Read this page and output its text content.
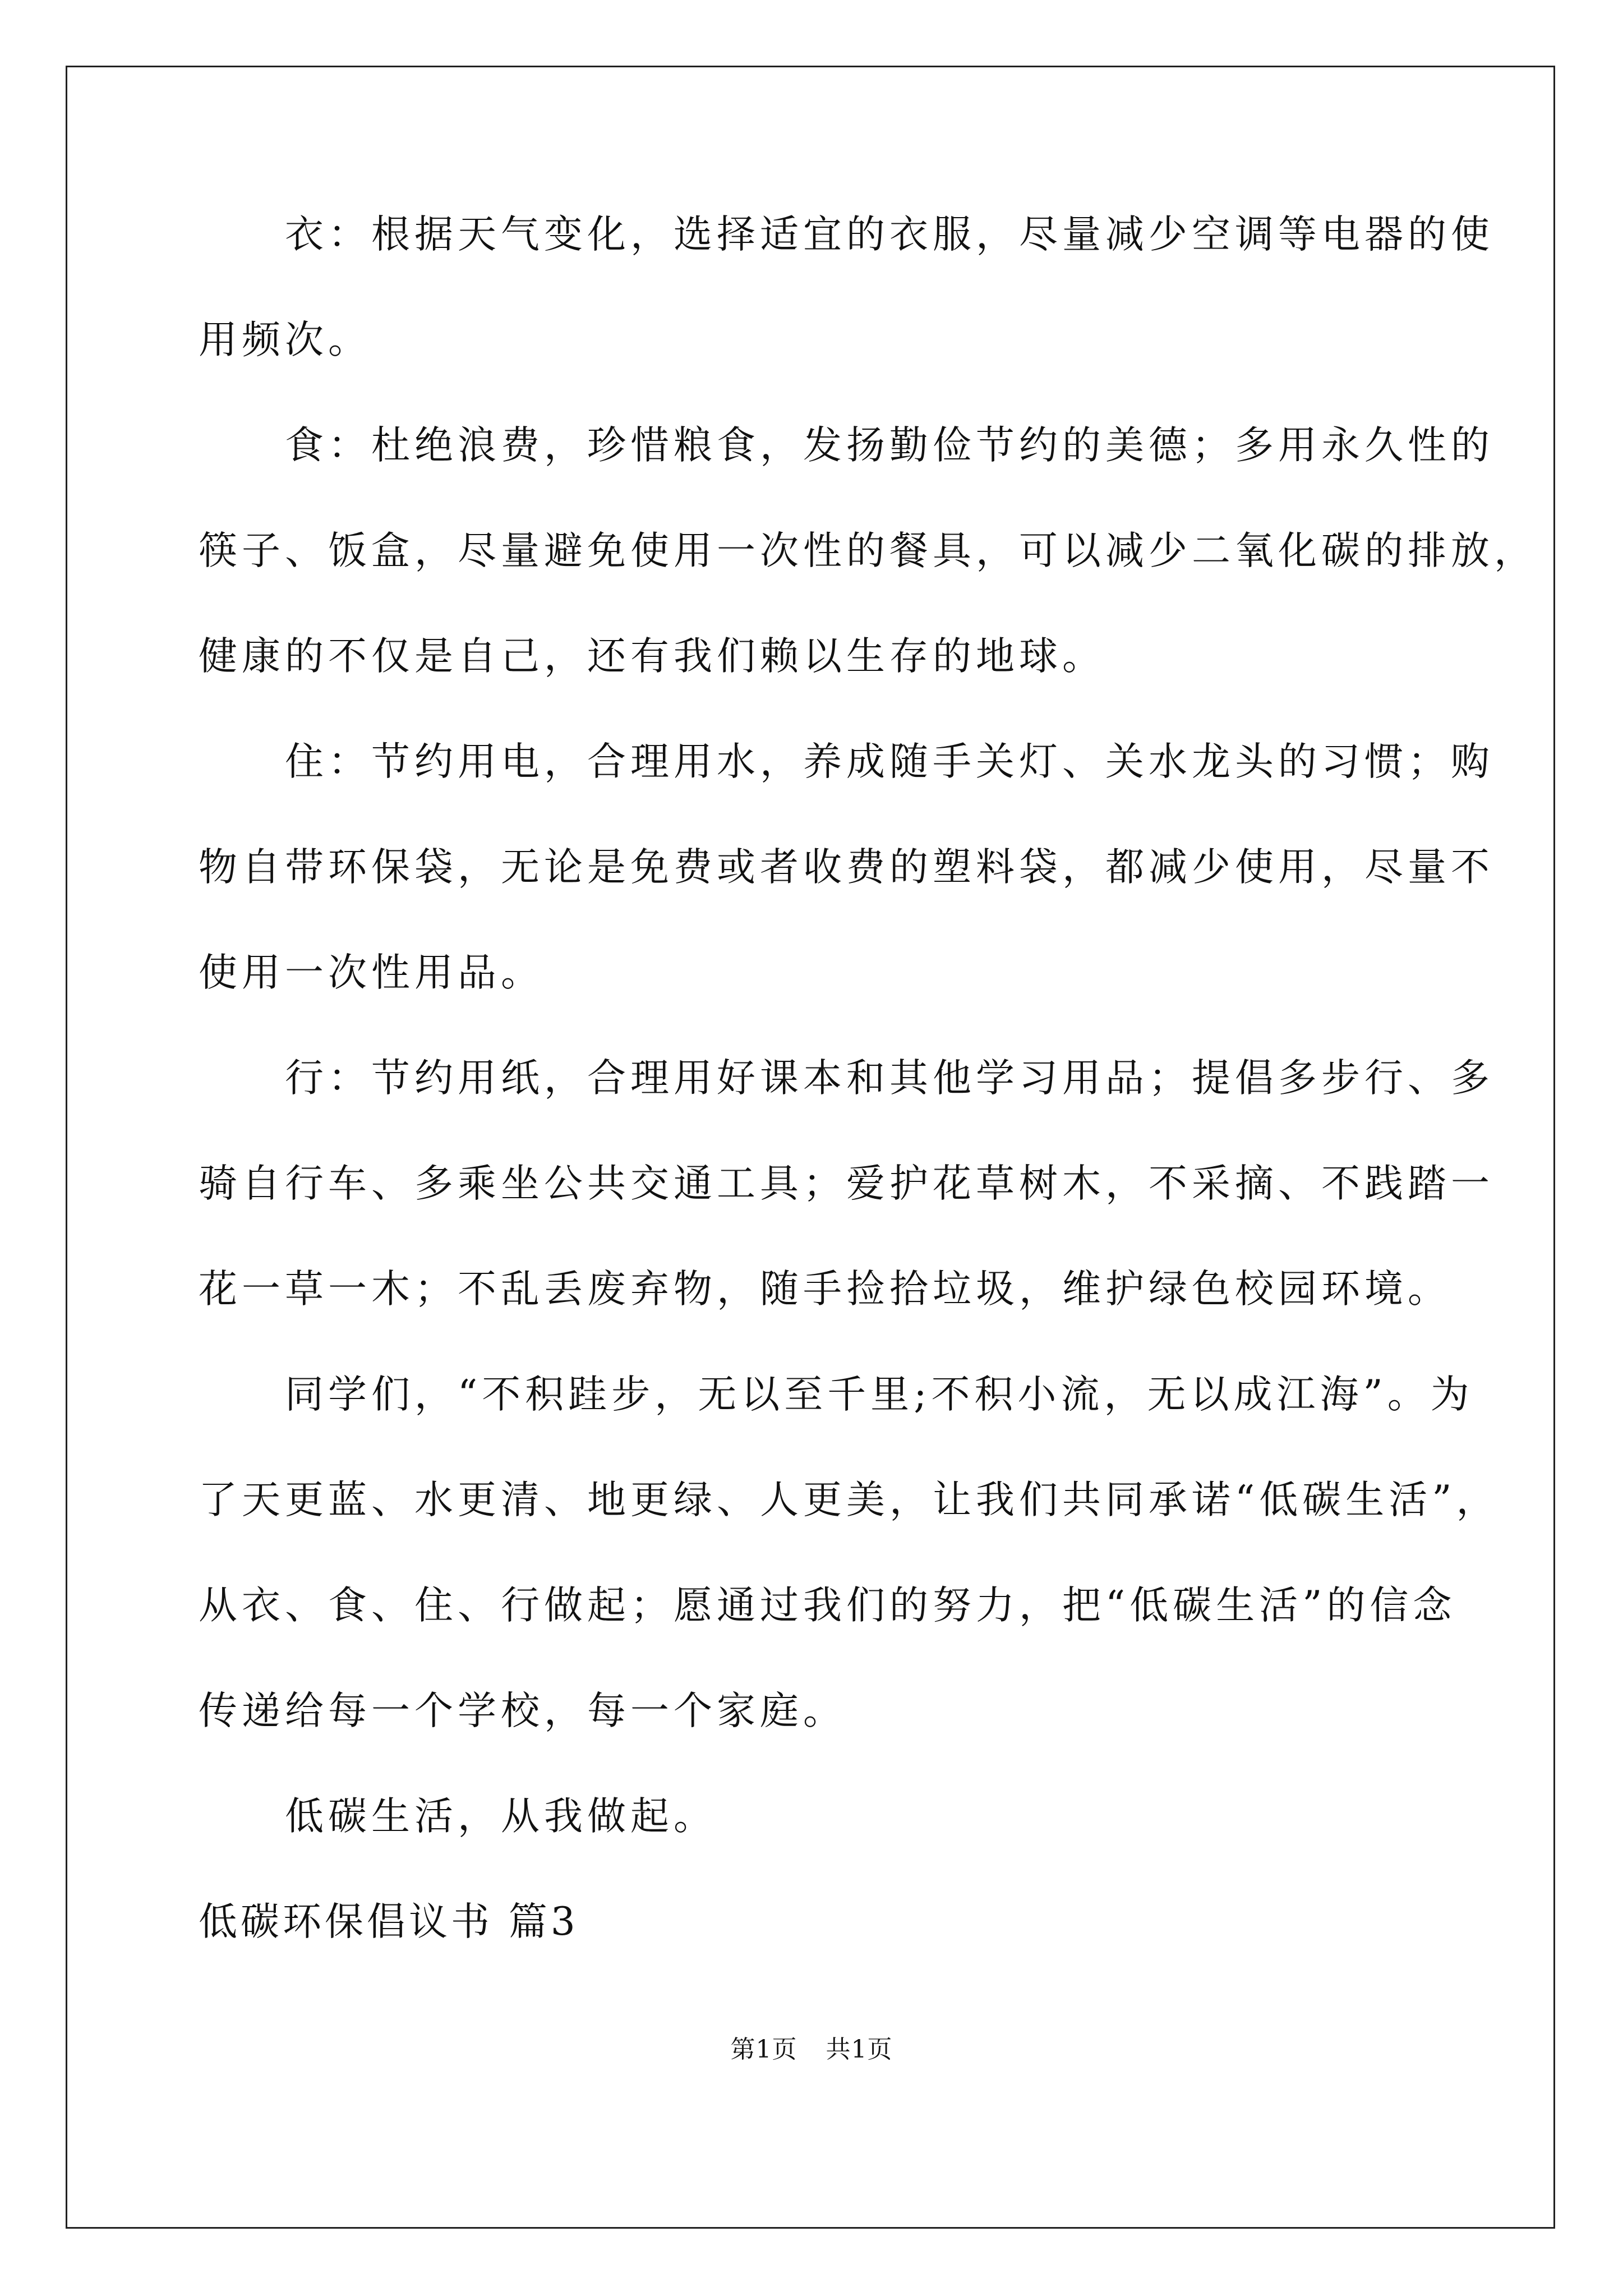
　　衣：根据天气变化，选择适宜的衣服，尽量减少空调等电器的使
用频次。
　　食：杜绝浪费，珍惜粮食，发扬勤俭节约的美德；多用永久性的
筷子、饭盒，尽量避免使用一次性的餐具，可以减少二氧化碳的排放，
健康的不仅是自己，还有我们赖以生存的地球。
　　住：节约用电，合理用水，养成随手关灯、关水龙头的习惯；购
物自带环保袋，无论是免费或者收费的塑料袋，都减少使用，尽量不
使用一次性用品。
　　行：节约用纸，合理用好课本和其他学习用品；提倡多步行、多
骑自行车、多乘坐公共交通工具；爱护花草树木，不采摘、不践踏一
花一草一木；不乱丢废弃物，随手捡拾垃圾，维护绿色校园环境。
　　同学们，“不积跬步，无以至千里;不积小流，无以成江海”。为
了天更蓝、水更清、地更绿、人更美，让我们共同承诺“低碳生活”，
从衣、食、住、行做起；愿通过我们的努力，把“低碳生活”的信念
传递给每一个学校，每一个家庭。
　　低碳生活，从我做起。
低碳环保倡议书 篇3
第1页 共1页
